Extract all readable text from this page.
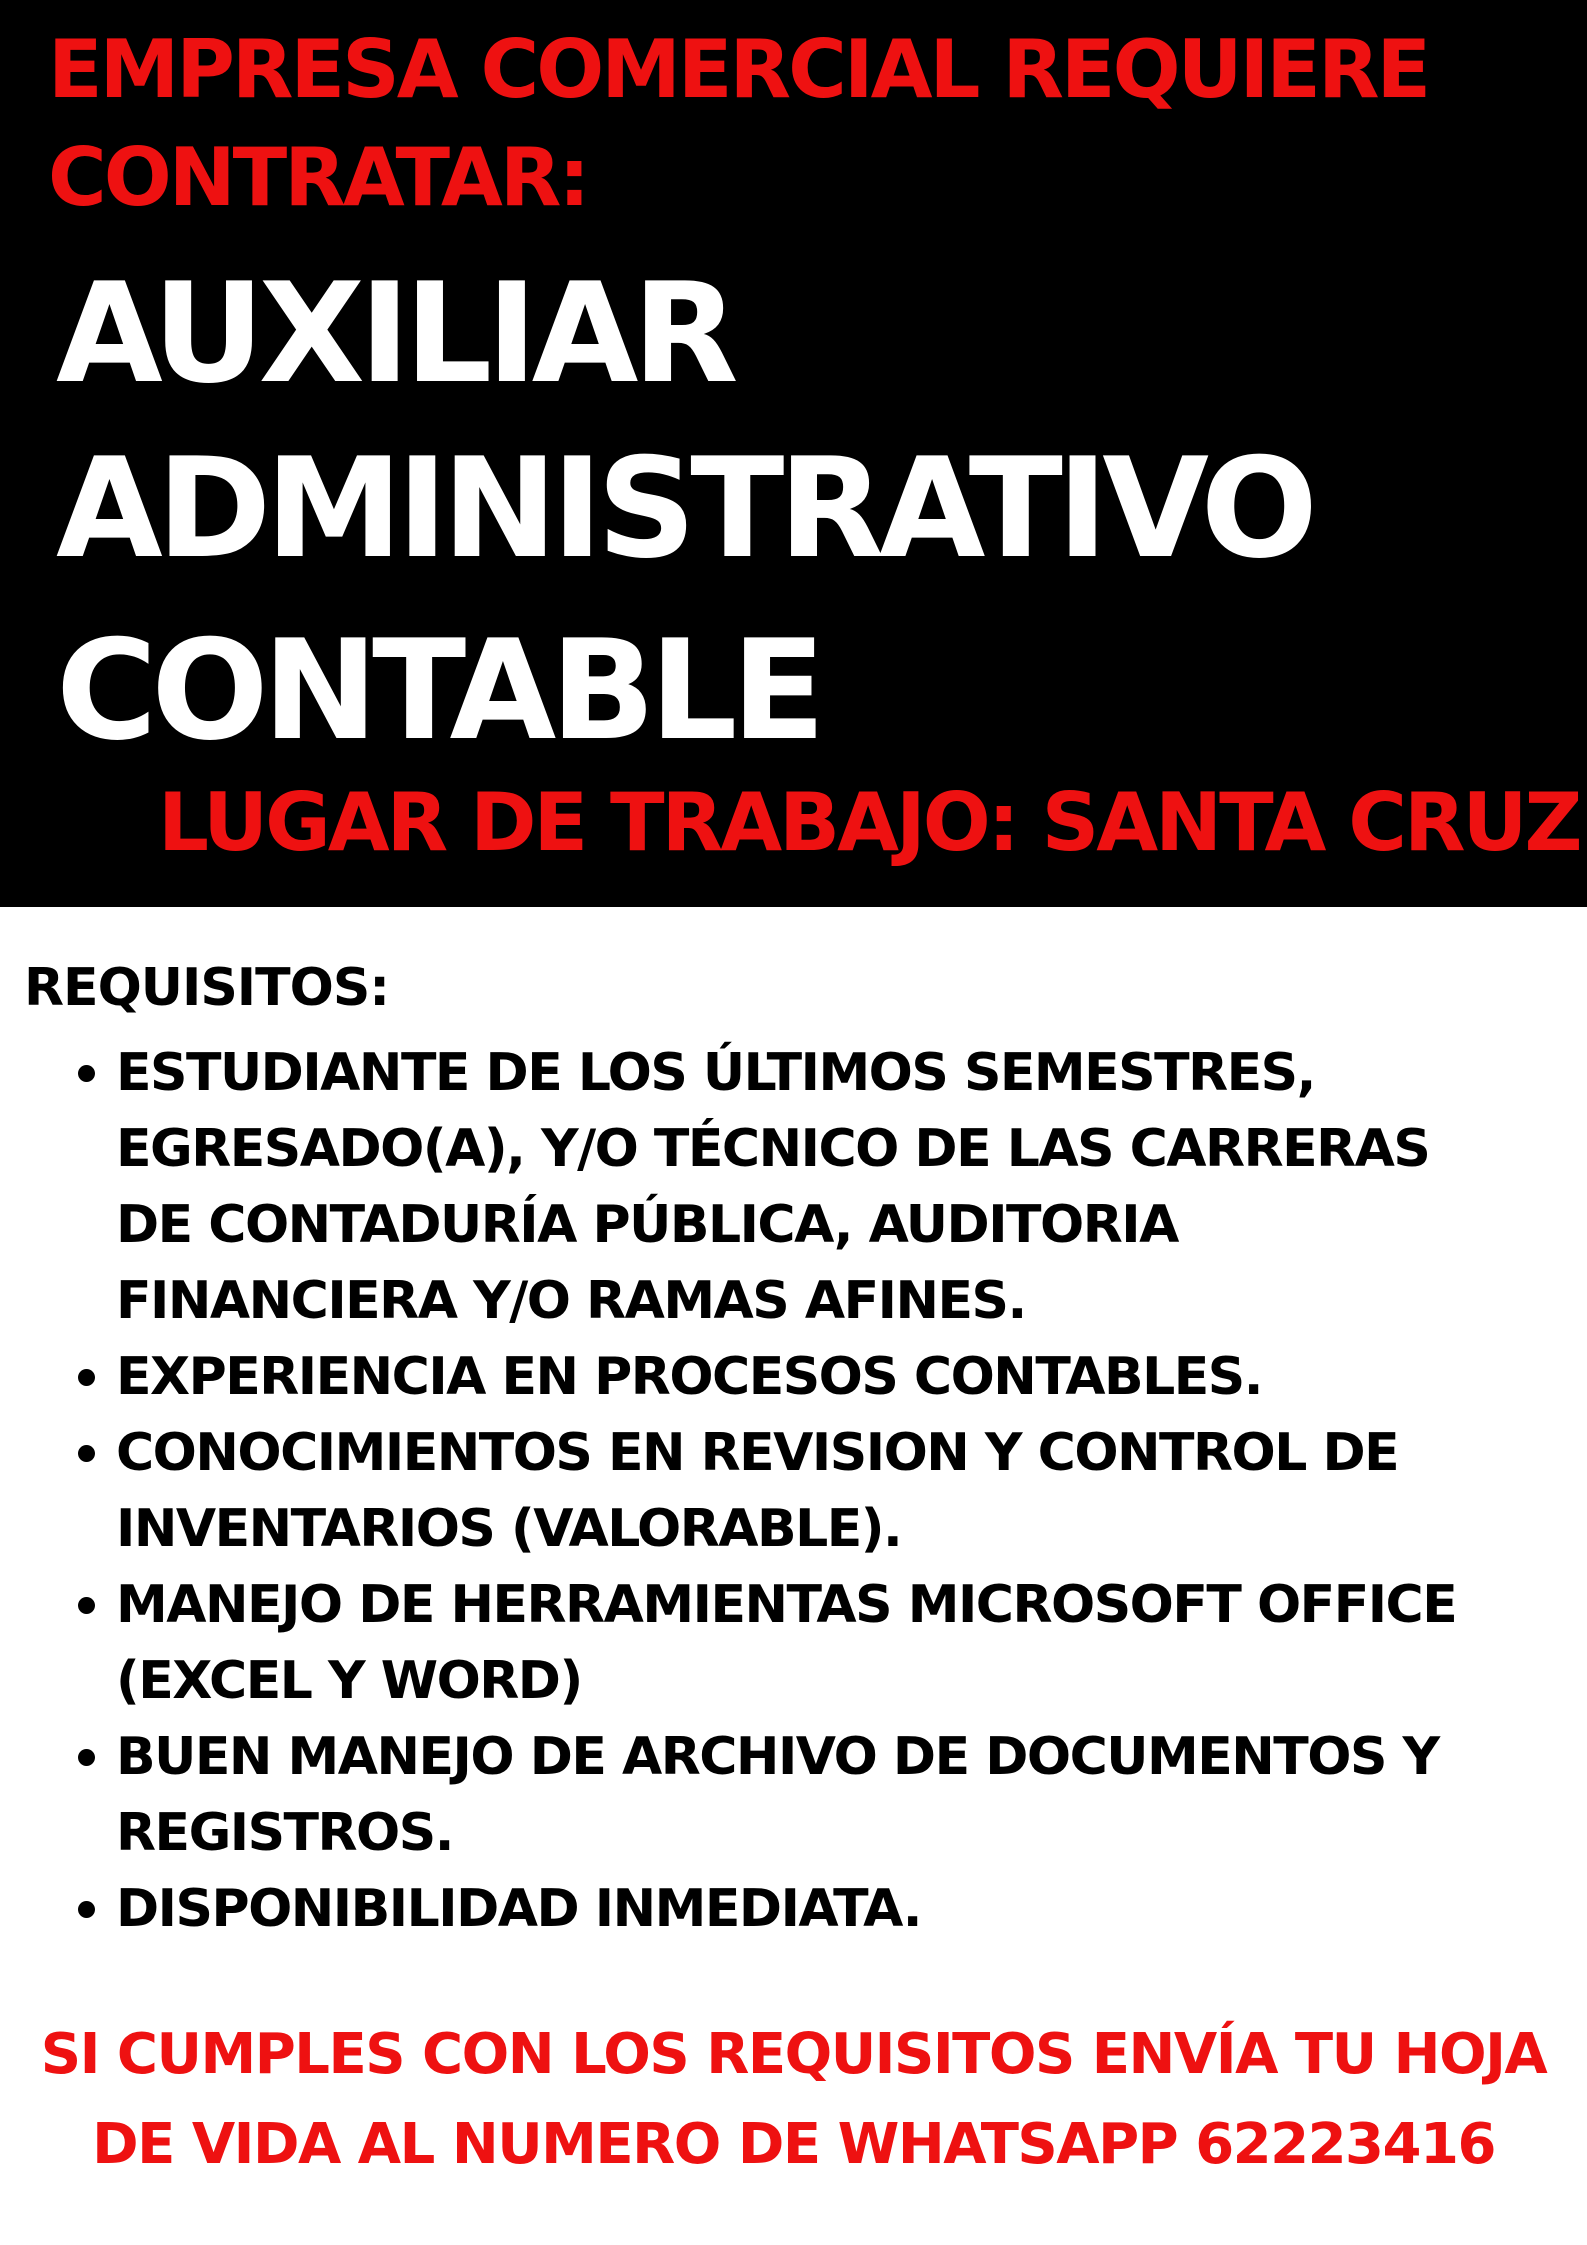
EMPRESA COMERCIAL REQUIERE

CONTRATAR:

AUXILIAR
ADMINISTRATIVO
CONTABLE

LUGAR DE TRABAJO: SANTA CRUZ

REQUISITOS:
ESTUDIANTE DE LOS ÚLTIMOS SEMESTRES,
EGRESADO(A), Y/O TÉCNICO DE LAS CARRERAS
DE CONTADURÍA PÚBLICA, AUDITORIA
FINANCIERA Y/O RAMAS AFINES.
EXPERIENCIA EN PROCESOS CONTABLES.
CONOCIMIENTOS EN REVISION Y CONTROL DE
INVENTARIOS (VALORABLE).
MANEJO DE HERRAMIENTAS MICROSOFT OFFICE
(EXCEL Y WORD)
BUEN MANEJO DE ARCHIVO DE DOCUMENTOS Y
REGISTROS.
DISPONIBILIDAD INMEDIATA.

SI CUMPLES CON LOS REQUISITOS ENVÍA TU HOJA
DE VIDA AL NUMERO DE WHATSAPP 62223416
